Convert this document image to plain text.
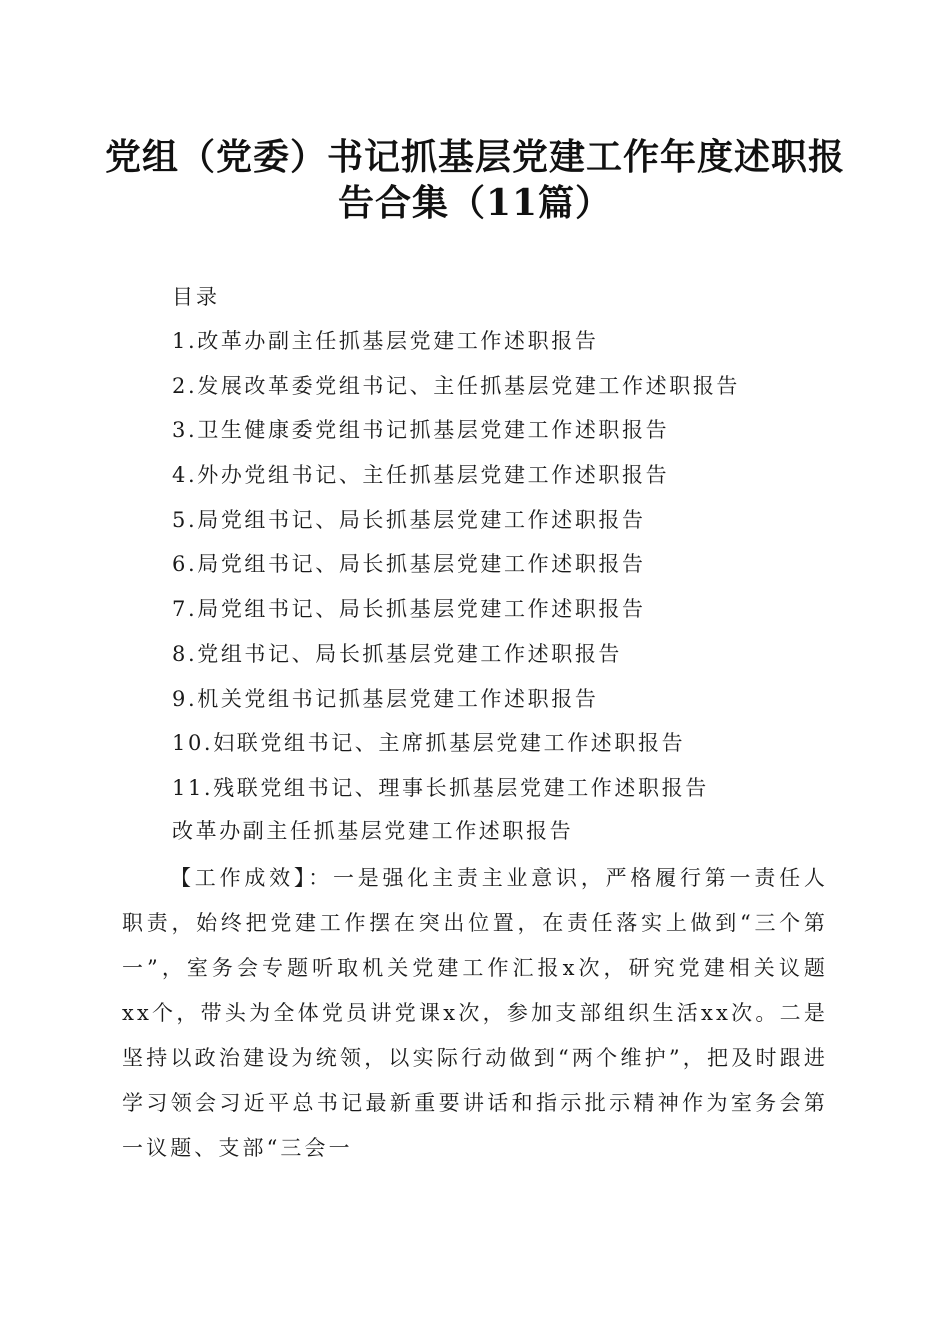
党组（党委）书记抓基层党建工作年度述职报告合集（11篇）
目录
1.改革办副主任抓基层党建工作述职报告
2.发展改革委党组书记、主任抓基层党建工作述职报告
3.卫生健康委党组书记抓基层党建工作述职报告
4.外办党组书记、主任抓基层党建工作述职报告
5.局党组书记、局长抓基层党建工作述职报告
6.局党组书记、局长抓基层党建工作述职报告
7.局党组书记、局长抓基层党建工作述职报告
8.党组书记、局长抓基层党建工作述职报告
9.机关党组书记抓基层党建工作述职报告
10.妇联党组书记、主席抓基层党建工作述职报告
11.残联党组书记、理事长抓基层党建工作述职报告
改革办副主任抓基层党建工作述职报告

【工作成效】：一是强化主责主业意识，严格履行第一责任人职责，始终把党建工作摆在突出位置，在责任落实上做到“三个第一”，室务会专题听取机关党建工作汇报x次，研究党建相关议题xx个，带头为全体党员讲党课x次，参加支部组织生活xx次。二是坚持以政治建设为统领，以实际行动做到“两个维护”，把及时跟进学习领会习近平总书记最新重要讲话和指示批示精神作为室务会第一议题、支部“三会一
